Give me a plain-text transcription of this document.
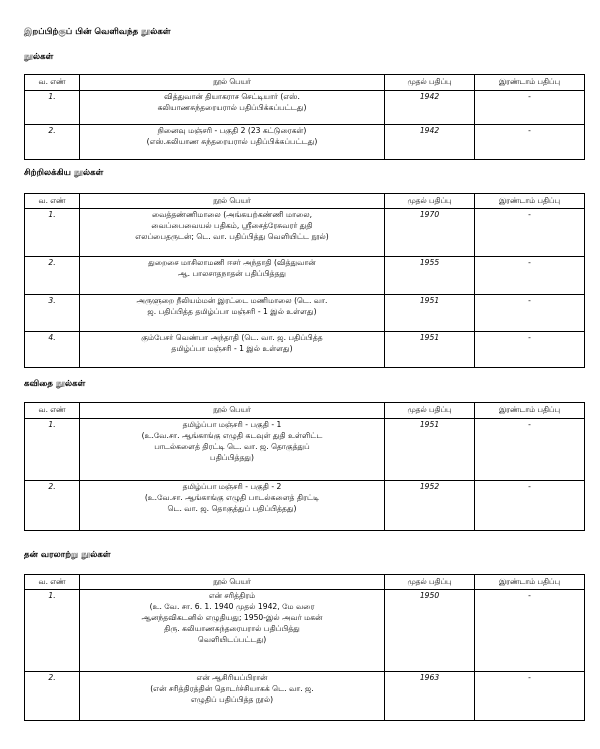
இறப்பிற்குப் பின் வெளிவந்த நூல்கள்
நூல்கள்
வ. எண்	நூல் பெயர்	முதல் பதிப்பு	இரண்டாம் பதிப்பு
1.	வித்துவான் தியாகராச செட்டியார் (எஸ்.
கலியாணசுந்தரையரால் பதிப்பிக்கப்பட்டது)	1942	-
2.	நினைவு மஞ்சரி - பகுதி 2 (23 கட்டுரைகள்)
(எஸ்.கலியாண சுந்தரையரால் பதிப்பிக்கப்பட்டது)	1942	-
சிற்றிலக்கிய நூல்கள்
வ. எண்	நூல் பெயர்	முதல் பதிப்பு	இரண்டாம் பதிப்பு
1.	வைத்தண்ணிமாலை (அங்கயற்கண்ணி மாலை,
வைப்பைவையல் பதிகம், ஸ்ரீசைத்ரேசுவரர் துதி
எலப்பைதருடன்; டெ. வா. பதிப்பித்து வெளியிட்ட நூல்)	1970	-
2.	துறைசை மாசிலாமணி ஈசர் அந்தாதி (வித்துவான்
ஆ. பாலசாதநாதன் பதிப்பித்தது	1955	-
3.	அருளுறை நீலியம்மன் இரட்டை மணிமாலை (டெ. வா.
ஜ. பதிப்பித்த தமிழ்ப்பா மஞ்சரி - 1 இல் உள்ளது)	1951	-
4.	கும்பேசர் வெண்பா அந்தாதி (டெ. வா. ஜ. பதிப்பித்த
தமிழ்ப்பா மஞ்சரி - 1 இல் உள்ளது)	1951	-
கவிதை நூல்கள்
வ. எண்	நூல் பெயர்	முதல் பதிப்பு	இரண்டாம் பதிப்பு
1.	தமிழ்ப்பா மஞ்சரி - பகுதி - 1
(உ.வே.சா. ஆங்காங்கு எழுதி கடவுள் துதி உள்ளிட்ட
பாடல்களைத் திரட்டி டெ. வா. ஜ. தொகுத்துப்
பதிப்பித்தது)	1951	-
2.	தமிழ்ப்பா மஞ்சரி - பகுதி - 2
(உ.வே.சா. ஆங்காங்கு எழுதி பாடல்களைத் திரட்டி
டெ. வா. ஜ. தொகுத்துப் பதிப்பித்தது)	1952	-
தன் வரலாற்று நூல்கள்
வ. எண்	நூல் பெயர்	முதல் பதிப்பு	இரண்டாம் பதிப்பு
1.	என் சரித்திரம்
(உ. வே. சா. 6. 1. 1940 முதல் 1942, மே வரை
ஆனந்தவிகடனில் எழுதியது; 1950-இல் அவர் மகன்
திரு. கலியாணசுந்தரையரால் பதிப்பித்து
வெளியிடப்பட்டது)	1950	-
2.	என் ஆசிரியப்பிரான்
(என் சரித்திரத்தின் தொடர்ச்சியாகக் டெ. வா. ஜ.
எழுதிப் பதிப்பித்த நூல்)	1963	-
